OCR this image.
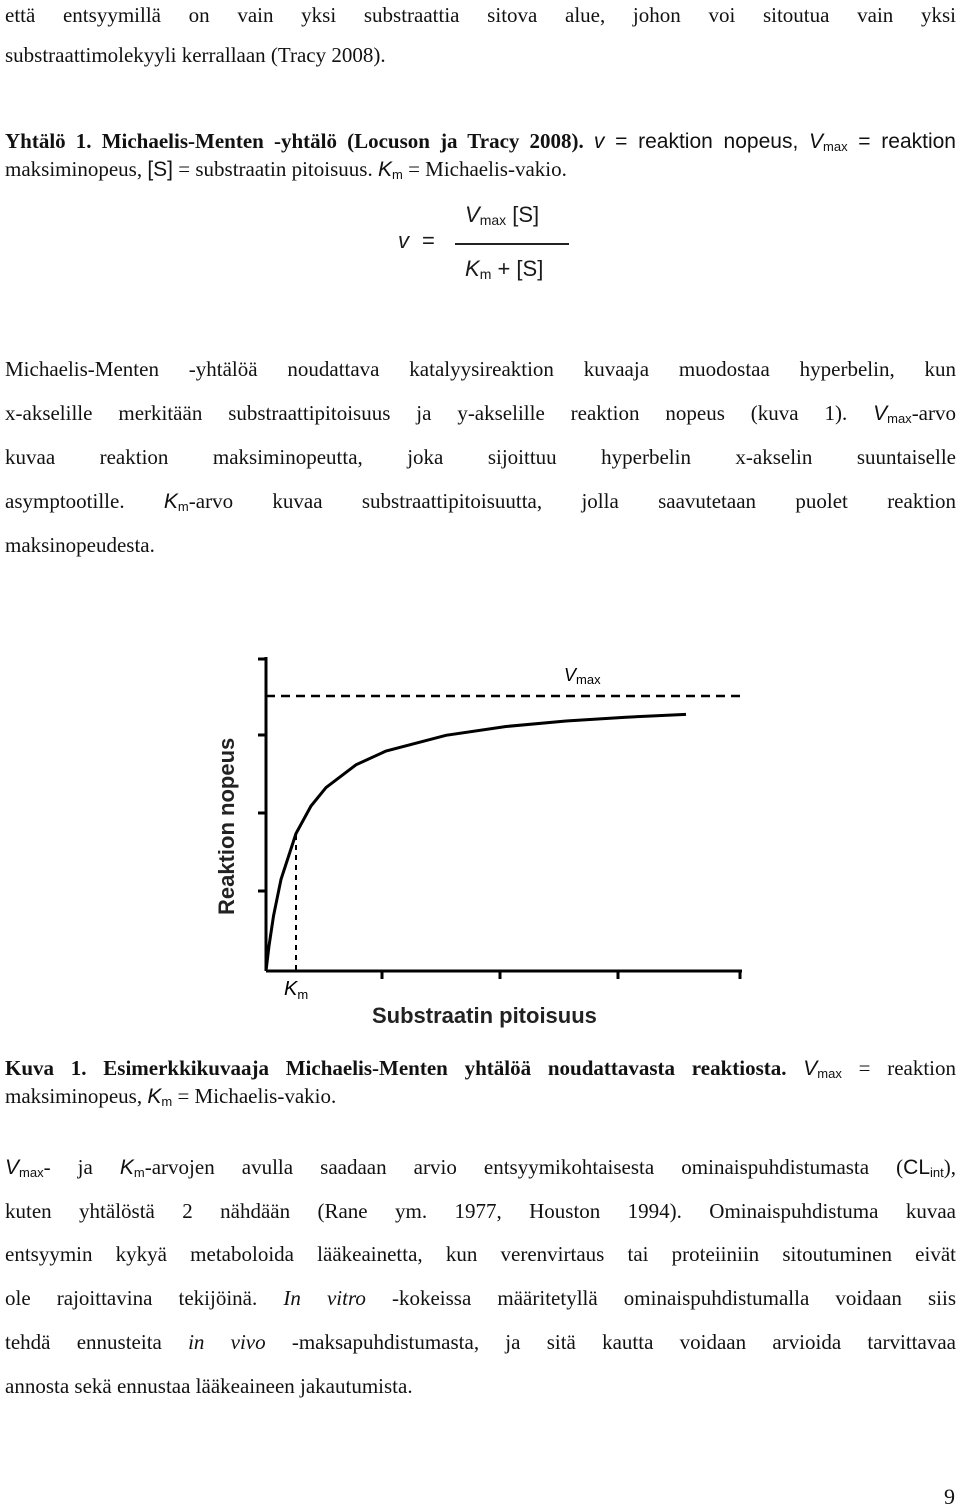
että entsyymillä on vain yksi substraattia sitova alue, johon voi sitoutua vain yksi
substraattimolekyyli kerrallaan (Tracy 2008).
Yhtälö 1. Michaelis-Menten -yhtälö (Locuson ja Tracy 2008). v = reaktion nopeus, $V_{max}$ = reaktion
maksiminopeus, [S] = substraatin pitoisuus. $K_m$ = Michaelis-vakio.
v =
$V_{max}$ [S]
$K_m + [S]$
Michaelis-Menten -yhtälöä noudattava katalyysireaktion kuvaaja muodostaa hyperbelin, kun
x-akselille merkitään substraattipitoisuus ja y-akselille reaktion nopeus (kuva 1). $V_{max}$-arvo
kuvaa reaktion maksiminopeutta, joka sijoittuu hyperbelin x-akselin suuntaiselle
asymptootille. $K_m$-arvo kuvaa substraattipitoisuutta, jolla saavutetaan puolet reaktion
maksinopeudesta.
Vmax
$K_m$
Substraatin pitoisuus
Reaktion nopeus
Kuva 1. Esimerkkikuvaaja Michaelis-Menten yhtälöä noudattavasta reaktiosta. $V_{max}$ = reaktion
maksiminopeus, $K_m$ = Michaelis-vakio.
$V_{max}-$ ja $K_m$-arvojen avulla saadaan arvio entsyymikohtaisesta ominaispuhdistumasta $(CL_{int})$,
kuten yhtälöstä 2 nähdään (Rane ym. 1977, Houston 1994). Ominaispuhdistuma kuvaa
entsyymin kykyä metaboloida lääkeainetta, kun verenvirtaus tai proteiiniin sitoutuminen eivät
ole rajoittavina tekijöinä. In vitro -kokeissa määritetyllä ominaispuhdistumalla voidaan siis
tehdä ennusteita in vivo -maksapuhdistumasta, ja sitä kautta voidaan arvioida tarvittavaa
annosta sekä ennustaa lääkeaineen jakautumista.
9
